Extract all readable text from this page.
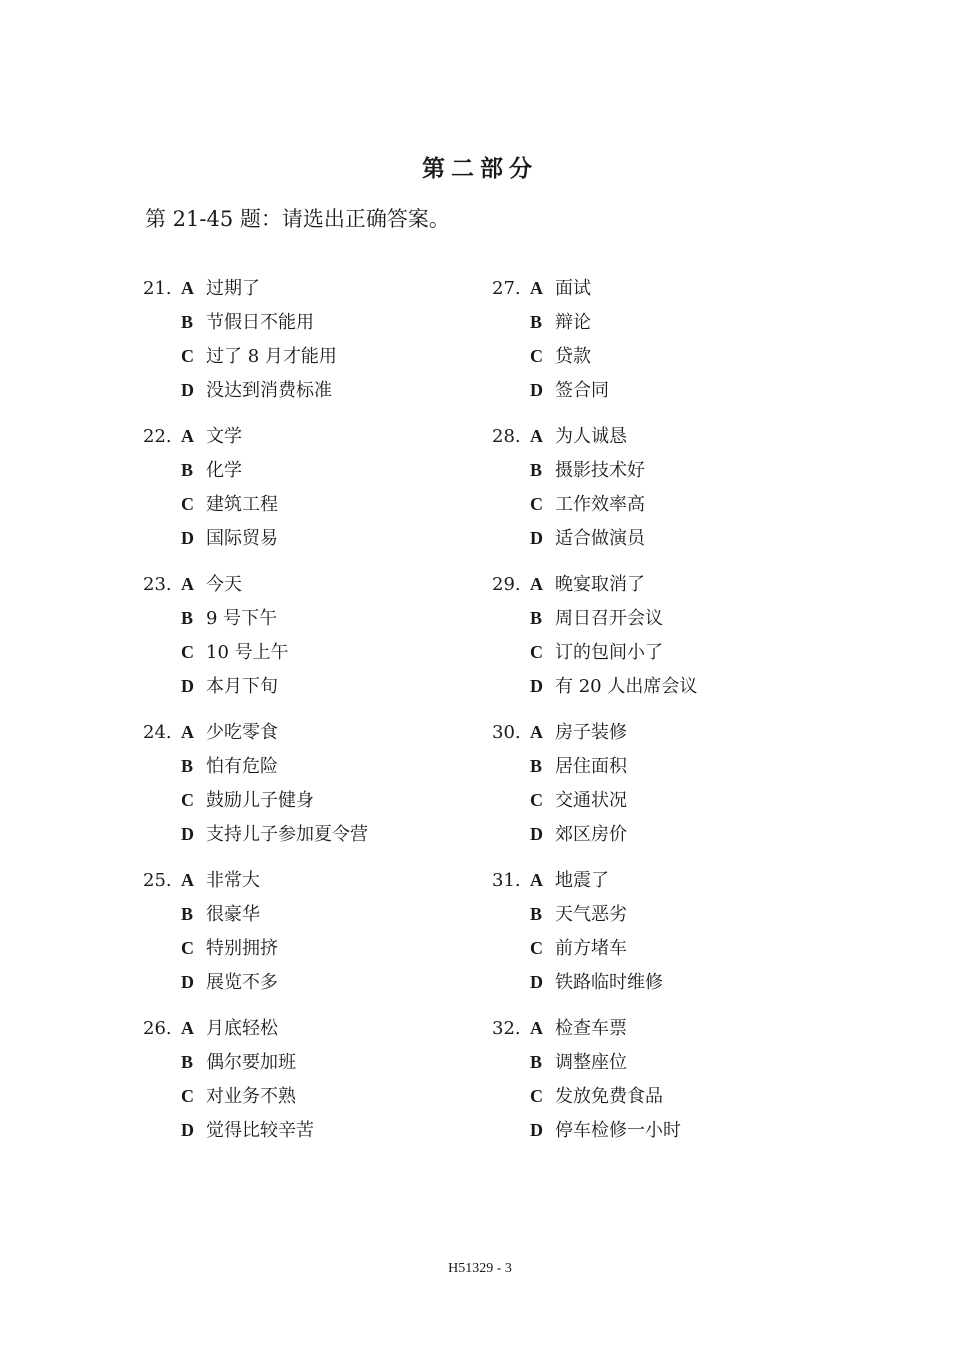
第二部分
第 21-45 题：请选出正确答案。
21. A 过期了
B 节假日不能用
C 过了 8 月才能用
D 没达到消费标准
22. A 文学
B 化学
C 建筑工程
D 国际贸易
23. A 今天
B 9 号下午
C 10 号上午
D 本月下旬
24. A 少吃零食
B 怕有危险
C 鼓励儿子健身
D 支持儿子参加夏令营
25. A 非常大
B 很豪华
C 特别拥挤
D 展览不多
26. A 月底轻松
B 偶尔要加班
C 对业务不熟
D 觉得比较辛苦
27. A 面试
B 辩论
C 贷款
D 签合同
28. A 为人诚恳
B 摄影技术好
C 工作效率高
D 适合做演员
29. A 晚宴取消了
B 周日召开会议
C 订的包间小了
D 有 20 人出席会议
30. A 房子装修
B 居住面积
C 交通状况
D 郊区房价
31. A 地震了
B 天气恶劣
C 前方堵车
D 铁路临时维修
32. A 检查车票
B 调整座位
C 发放免费食品
D 停车检修一小时
H51329 - 3
